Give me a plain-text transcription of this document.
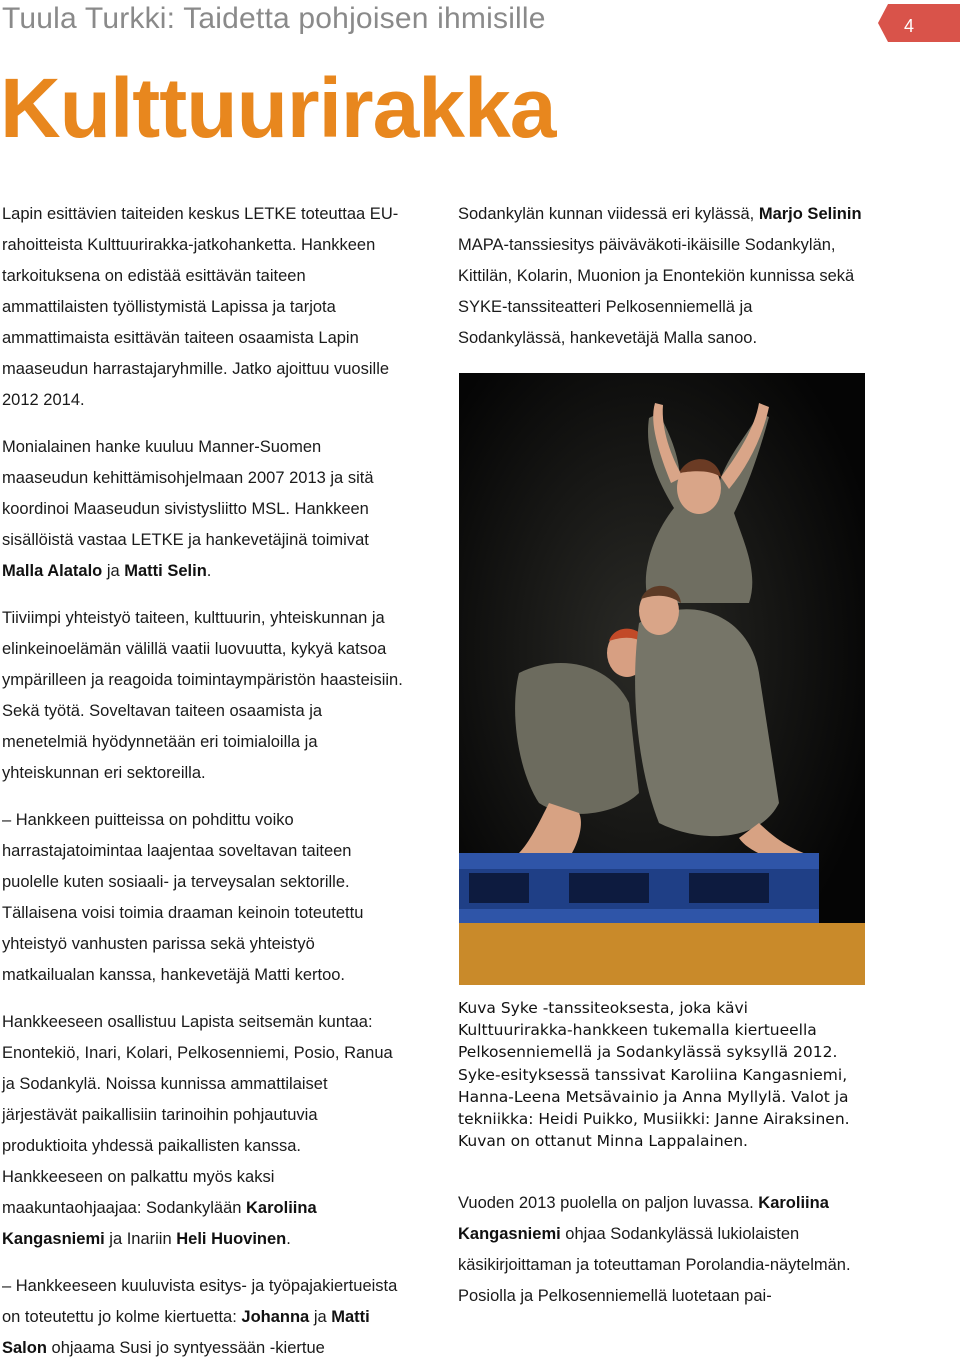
Tuula Turkki: Taidetta pohjoisen ihmisille	4
Kulttuurirakka

Lapin esittävien taiteiden keskus LETKE toteuttaa EU-rahoitteista Kulttuurirakka-jatkohanketta. Hankkeen tarkoituksena on edistää esittävän taiteen ammattilaisten työllistymistä Lapissa ja tarjota ammattimaista esittävän taiteen osaamista Lapin maaseudun harrastajaryhmille. Jatko ajoittuu vuosille 2012 2014.

Monialainen hanke kuuluu Manner-Suomen maaseudun kehittämisohjelmaan 2007 2013 ja sitä koordinoi Maaseudun sivistysliitto MSL. Hankkeen sisällöistä vastaa LETKE ja hankevetäjinä toimivat Malla Alatalo ja Matti Selin.

Tiiviimpi yhteistyö taiteen, kulttuurin, yhteiskunnan ja elinkeinoelämän välillä vaatii luovuutta, kykyä katsoa ympärilleen ja reagoida toimintaympäristön haasteisiin. Sekä työtä. Soveltavan taiteen osaamista ja menetelmiä hyödynnetään eri toimialoilla ja yhteiskunnan eri sektoreilla.

– Hankkeen puitteissa on pohdittu voiko harrastajatoimintaa laajentaa soveltavan taiteen puolelle kuten sosiaali- ja terveysalan sektorille. Tällaisena voisi toimia draaman keinoin toteutettu yhteistyö vanhusten parissa sekä yhteistyö matkailualan kanssa, hankevetäjä Matti kertoo.

Hankkeeseen osallistuu Lapista seitsemän kuntaa: Enontekiö, Inari, Kolari, Pelkosenniemi, Posio, Ranua ja Sodankylä. Noissa kunnissa ammattilaiset järjestävät paikallisiin tarinoihin pohjautuvia produktioita yhdessä paikallisten kanssa. Hankkeeseen on palkattu myös kaksi maakuntaohjaajaa: Sodankylään Karoliina Kangasniemi ja Inariin Heli Huovinen.

– Hankkeeseen kuuluvista esitys- ja työpajakiertueista on toteutettu jo kolme kiertuetta: Johanna ja Matti Salon ohjaama Susi jo syntyessään -kiertue

Sodankylän kunnan viidessä eri kylässä, Marjo Selinin MAPA-tanssiesitys päiväväkoti-ikäisille Sodankylän, Kittilän, Kolarin, Muonion ja Enontekiön kunnissa sekä SYKE-tanssiteatteri Pelkosenniemellä ja Sodankylässä, hankevetäjä Malla sanoo.

Kuva Syke -tanssiteoksesta, joka kävi Kulttuurirakka-hankkeen tukemalla kiertueella Pelkosenniemellä ja Sodankylässä syksyllä 2012. Syke-esityksessä tanssivat Karoliina Kangasniemi, Hanna-Leena Metsävainio ja Anna Myllylä. Valot ja tekniikka: Heidi Puikko, Musiikki: Janne Airaksinen. Kuvan on ottanut Minna Lappalainen.

Vuoden 2013 puolella on paljon luvassa. Karoliina Kangasniemi ohjaa Sodankylässä lukiolaisten käsikirjoittaman ja toteuttaman Porolandia-näytelmän. Posiolla ja Pelkosenniemellä luotetaan pai-
